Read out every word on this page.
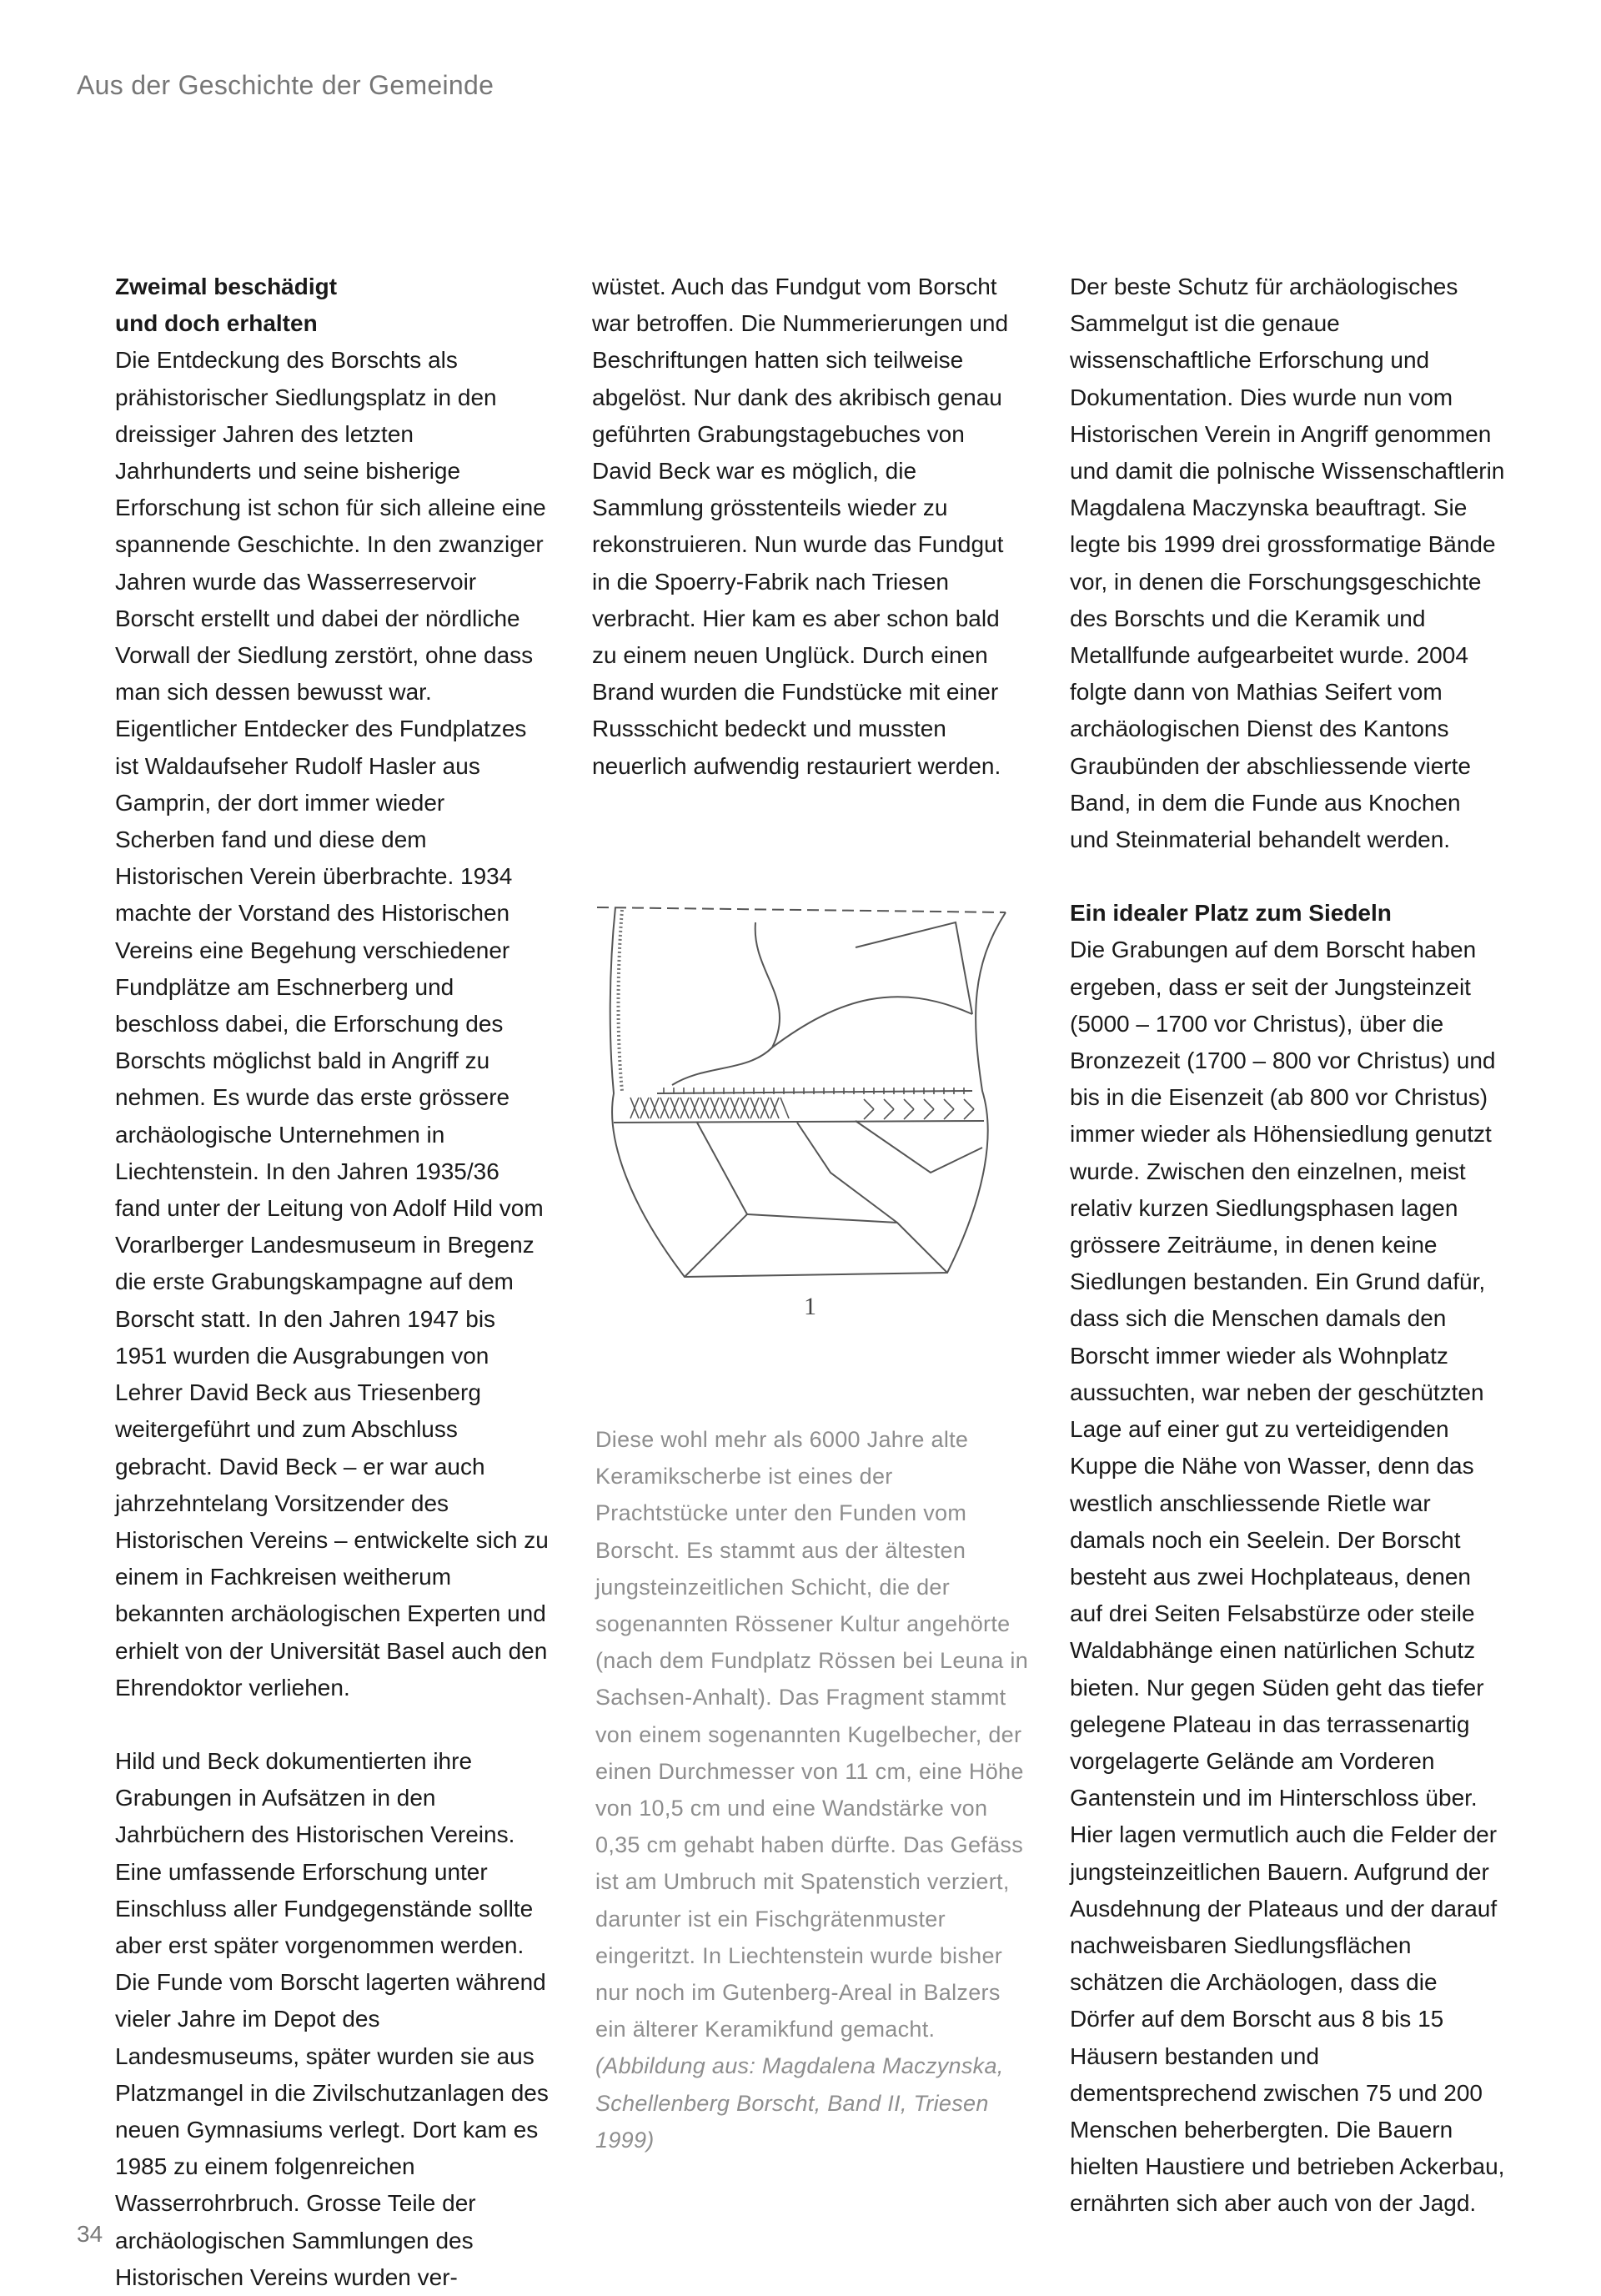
Aus der Geschichte der Gemeinde

Zweimal beschädigt

und doch erhalten

Die Entdeckung des Borschts als prähistorischer Siedlungsplatz in den dreissiger Jahren des letzten Jahrhunderts und seine bisherige Erforschung ist schon für sich alleine eine spannende Geschichte. In den zwanziger Jahren wurde das Wasserreservoir Borscht erstellt und dabei der nördliche Vorwall der Siedlung zerstört, ohne dass man sich dessen bewusst war. Eigentlicher Entdecker des Fundplatzes ist Waldaufseher Rudolf Hasler aus Gamprin, der dort immer wieder Scherben fand und diese dem Historischen Verein überbrachte. 1934 machte der Vorstand des Historischen Vereins eine Begehung verschiedener Fundplätze am Eschnerberg und beschloss dabei, die Erforschung des Borschts möglichst bald in Angriff zu nehmen. Es wurde das erste grössere archäologische Unternehmen in Liechtenstein. In den Jahren 1935/36 fand unter der Leitung von Adolf Hild vom Vorarlberger Landesmuseum in Bregenz die erste Grabungskampagne auf dem Borscht statt. In den Jahren 1947 bis 1951 wurden die Ausgrabungen von Lehrer David Beck aus Triesenberg weitergeführt und zum Abschluss gebracht. David Beck – er war auch jahrzehntelang Vorsitzender des Historischen Vereins – entwickelte sich zu einem in Fachkreisen weitherum bekannten archäologischen Experten und erhielt von der Universität Basel auch den Ehrendoktor verliehen.

Hild und Beck dokumentierten ihre Grabungen in Aufsätzen in den Jahrbüchern des Historischen Vereins. Eine umfassende Erforschung unter Einschluss aller Fundgegenstände sollte aber erst später vorgenommen werden. Die Funde vom Borscht lagerten während vieler Jahre im Depot des Landesmuseums, später wurden sie aus Platzmangel in die Zivilschutzanlagen des neuen Gymnasiums verlegt. Dort kam es 1985 zu einem folgenreichen Wasserrohrbruch. Grosse Teile der archäologischen Sammlungen des Historischen Vereins wurden ver-

wüstet. Auch das Fundgut vom Borscht war betroffen. Die Nummerierungen und Beschriftungen hatten sich teilweise abgelöst. Nur dank des akribisch genau geführten Grabungstagebuches von David Beck war es möglich, die Sammlung grösstenteils wieder zu rekonstruieren. Nun wurde das Fundgut in die Spoerry-Fabrik nach Triesen verbracht. Hier kam es aber schon bald zu einem neuen Unglück. Durch einen Brand wurden die Fundstücke mit einer Russschicht bedeckt und mussten neuerlich aufwendig restauriert werden.

1
Diese wohl mehr als 6000 Jahre alte Keramikscherbe ist eines der Prachtstücke unter den Funden vom Borscht. Es stammt aus der ältesten jungsteinzeitlichen Schicht, die der sogenannten Rössener Kultur angehörte (nach dem Fundplatz Rössen bei Leuna in Sachsen-Anhalt). Das Fragment stammt von einem sogenannten Kugelbecher, der einen Durchmesser von 11 cm, eine Höhe von 10,5 cm und eine Wandstärke von 0,35 cm gehabt haben dürfte. Das Gefäss ist am Umbruch mit Spatenstich verziert, darunter ist ein Fischgrätenmuster eingeritzt. In Liechtenstein wurde bisher nur noch im Gutenberg-Areal in Balzers ein älterer Keramikfund gemacht. (Abbildung aus: Magdalena Maczynska, Schellenberg Borscht, Band II, Triesen 1999)

Der beste Schutz für archäologisches Sammelgut ist die genaue wissenschaftliche Erforschung und Dokumentation. Dies wurde nun vom Historischen Verein in Angriff genommen und damit die polnische Wissenschaftlerin Magdalena Maczynska beauftragt. Sie legte bis 1999 drei grossformatige Bände vor, in denen die Forschungsgeschichte des Borschts und die Keramik und Metallfunde aufgearbeitet wurde. 2004 folgte dann von Mathias Seifert vom archäologischen Dienst des Kantons Graubünden der abschliessende vierte Band, in dem die Funde aus Knochen und Steinmaterial behandelt werden.

Ein idealer Platz zum Siedeln

Die Grabungen auf dem Borscht haben ergeben, dass er seit der Jungsteinzeit (5000 – 1700 vor Christus), über die Bronzezeit (1700 – 800 vor Christus) und bis in die Eisenzeit (ab 800 vor Christus) immer wieder als Höhensiedlung genutzt wurde. Zwischen den einzelnen, meist relativ kurzen Siedlungsphasen lagen grössere Zeiträume, in denen keine Siedlungen bestanden. Ein Grund dafür, dass sich die Menschen damals den Borscht immer wieder als Wohnplatz aussuchten, war neben der geschützten Lage auf einer gut zu verteidigenden Kuppe die Nähe von Wasser, denn das westlich anschliessende Rietle war damals noch ein Seelein. Der Borscht besteht aus zwei Hochplateaus, denen auf drei Seiten Felsabstürze oder steile Waldabhänge einen natürlichen Schutz bieten. Nur gegen Süden geht das tiefer gelegene Plateau in das terrassenartig vorgelagerte Gelände am Vorderen Gantenstein und im Hinterschloss über. Hier lagen vermutlich auch die Felder der jungsteinzeitlichen Bauern. Aufgrund der Ausdehnung der Plateaus und der darauf nachweisbaren Siedlungsflächen schätzen die Archäologen, dass die Dörfer auf dem Borscht aus 8 bis 15 Häusern bestanden und dementsprechend zwischen 75 und 200 Menschen beherbergten. Die Bauern hielten Haustiere und betrieben Ackerbau, ernährten sich aber auch von der Jagd.

34
